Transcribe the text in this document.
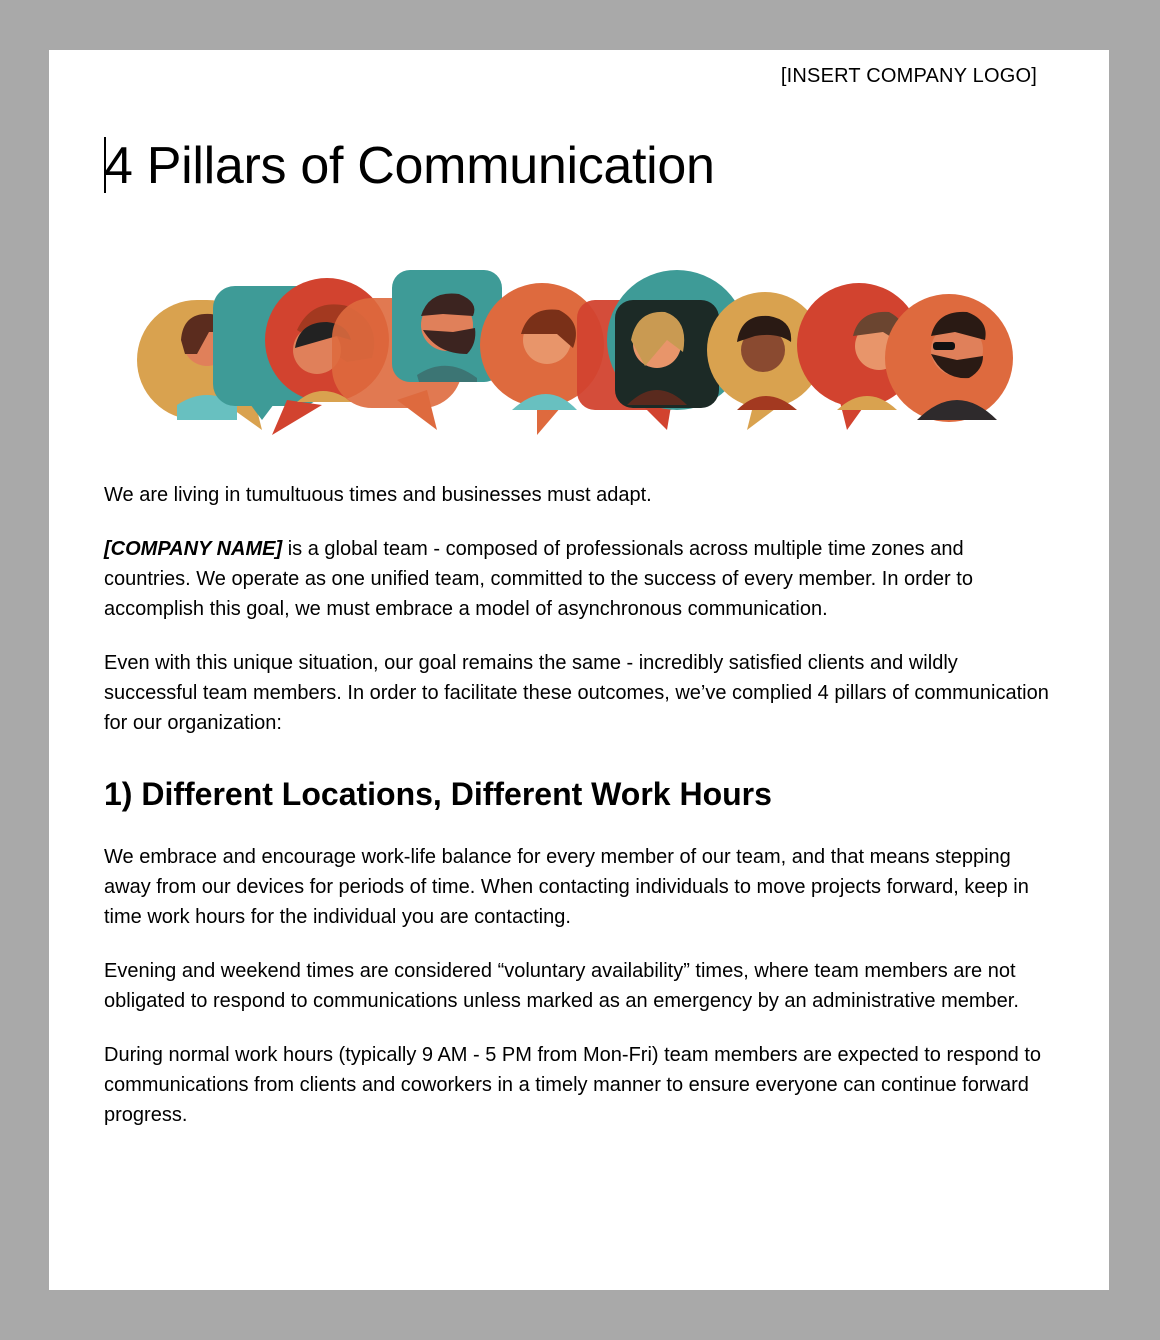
[INSERT COMPANY LOGO]
4 Pillars of Communication

We are living in tumultuous times and businesses must adapt.

[COMPANY NAME] is a global team - composed of professionals across multiple time zones and countries. We operate as one unified team, committed to the success of every member. In order to accomplish this goal, we must embrace a model of asynchronous communication.

Even with this unique situation, our goal remains the same - incredibly satisfied clients and wildly successful team members. In order to facilitate these outcomes, we’ve complied 4 pillars of communication for our organization:

1) Different Locations, Different Work Hours

We embrace and encourage work-life balance for every member of our team, and that means stepping away from our devices for periods of time. When contacting individuals to move projects forward, keep in time work hours for the individual you are contacting.

Evening and weekend times are considered “voluntary availability” times, where team members are not obligated to respond to communications unless marked as an emergency by an administrative member.

During normal work hours (typically 9 AM - 5 PM from Mon-Fri) team members are expected to respond to communications from clients and coworkers in a timely manner to ensure everyone can continue forward progress.
